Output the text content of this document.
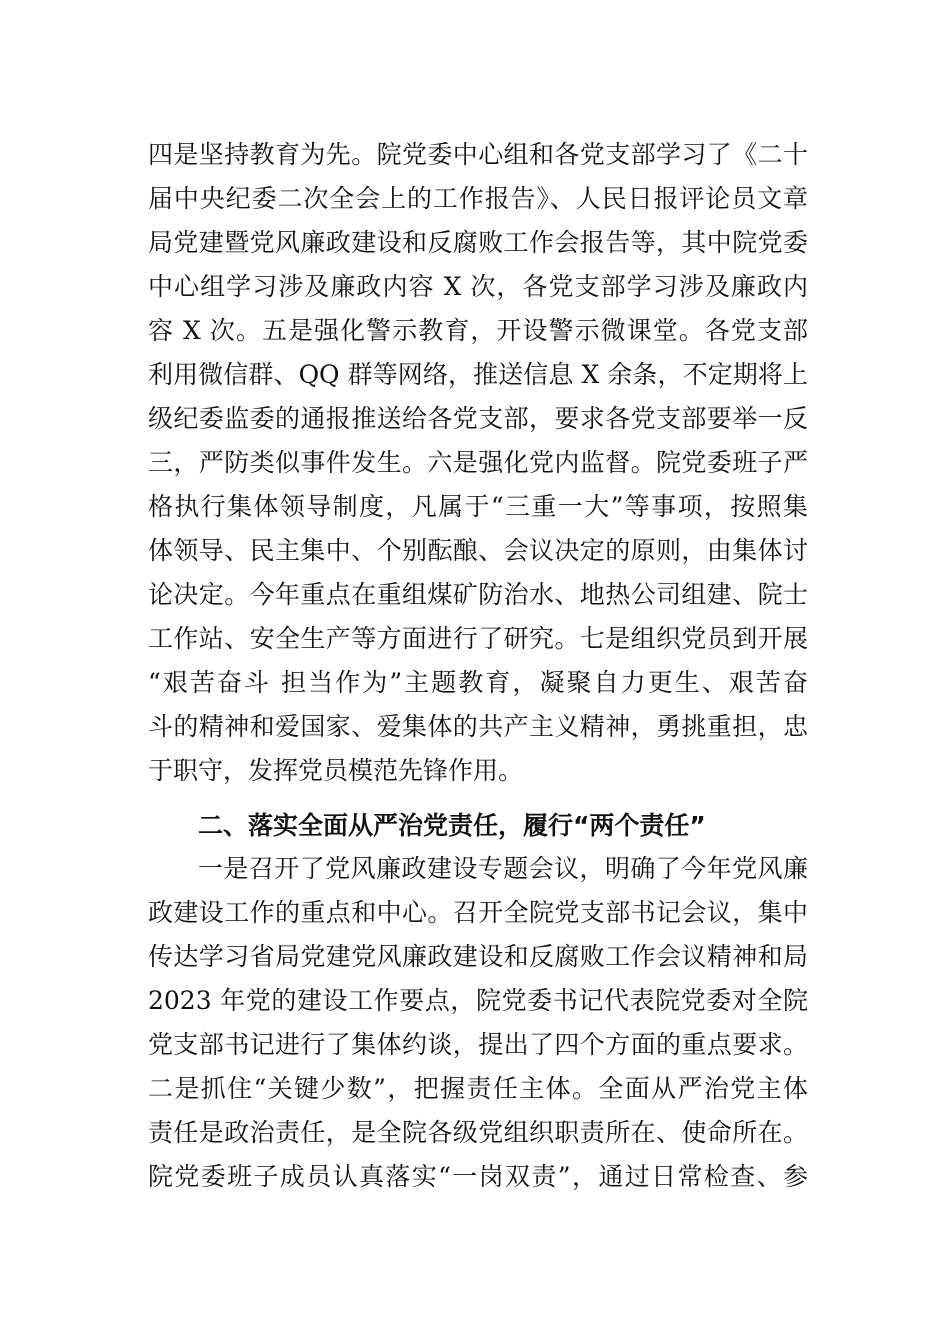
四是坚持教育为先。院党委中心组和各党支部学习了《二十
届中央纪委二次全会上的工作报告》、人民日报评论员文章
局党建暨党风廉政建设和反腐败工作会报告等，其中院党委
中心组学习涉及廉政内容 X 次，各党支部学习涉及廉政内
容 X 次。五是强化警示教育，开设警示微课堂。各党支部
利用微信群、QQ 群等网络，推送信息 X 余条，不定期将上
级纪委监委的通报推送给各党支部，要求各党支部要举一反
三，严防类似事件发生。六是强化党内监督。院党委班子严
格执行集体领导制度，凡属于“三重一大”等事项，按照集
体领导、民主集中、个别酝酿、会议决定的原则，由集体讨
论决定。今年重点在重组煤矿防治水、地热公司组建、院士
工作站、安全生产等方面进行了研究。七是组织党员到开展
“艰苦奋斗 担当作为”主题教育，凝聚自力更生、艰苦奋
斗的精神和爱国家、爱集体的共产主义精神，勇挑重担，忠
于职守，发挥党员模范先锋作用。
二、落实全面从严治党责任，履行“两个责任”
一是召开了党风廉政建设专题会议，明确了今年党风廉
政建设工作的重点和中心。召开全院党支部书记会议，集中
传达学习省局党建党风廉政建设和反腐败工作会议精神和局
2023 年党的建设工作要点，院党委书记代表院党委对全院
党支部书记进行了集体约谈，提出了四个方面的重点要求。
二是抓住“关键少数”，把握责任主体。全面从严治党主体
责任是政治责任，是全院各级党组织职责所在、使命所在。
院党委班子成员认真落实“一岗双责”，通过日常检查、参
